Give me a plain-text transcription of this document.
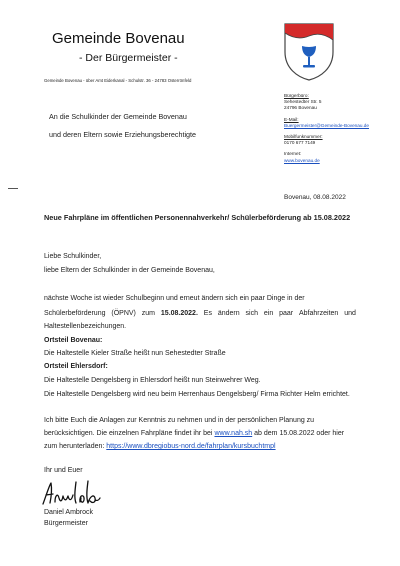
Gemeinde Bovenau
- Der Bürgermeister -
Gemeinde Bovenau - über Amt Eiderkanal - Schulstr. 36 - 24783 Osterrönfeld
An die Schulkinder der Gemeinde Bovenau
und deren Eltern sowie Erziehungsberechtigte
Bürgerbüro:
Sehestedter Str. 5
24796 Bovenau
E-Mail:
Buergermeister@Gemeinde-Bovenau.de
Mobilfunknummer:
0170 677 7149
Internet:
www.bovenau.de
Bovenau, 08.08.2022
Neue Fahrpläne im öffentlichen Personennahverkehr/ Schülerbeförderung ab 15.08.2022
Liebe Schulkinder,
liebe Eltern der Schulkinder in der Gemeinde Bovenau,
nächste Woche ist wieder Schulbeginn und erneut ändern sich ein paar Dinge in der
Schülerbeförderung (ÖPNV) zum 15.08.2022. Es ändern sich ein paar Abfahrzeiten und
Haltestellenbezeichungen.
Ortsteil Bovenau:
Die Haltestelle Kieler Straße heißt nun Sehestedter Straße
Ortsteil Ehlersdorf:
Die Haltestelle Dengelsberg in Ehlersdorf heißt nun Steinwehrer Weg.
Die Haltestelle Dengelsberg wird neu beim Herrenhaus Dengelsberg/ Firma Richter Helm errichtet.
Ich bitte Euch die Anlagen zur Kenntnis zu nehmen und in der persönlichen Planung zu
berücksichtigen. Die einzelnen Fahrpläne findet ihr bei www.nah.sh ab dem 15.08.2022 oder hier
zum herunterladen: https://www.dbregiobus-nord.de/fahrplan/kursbuchtmpl
Ihr und Euer
Daniel Ambrock
Bürgermeister
